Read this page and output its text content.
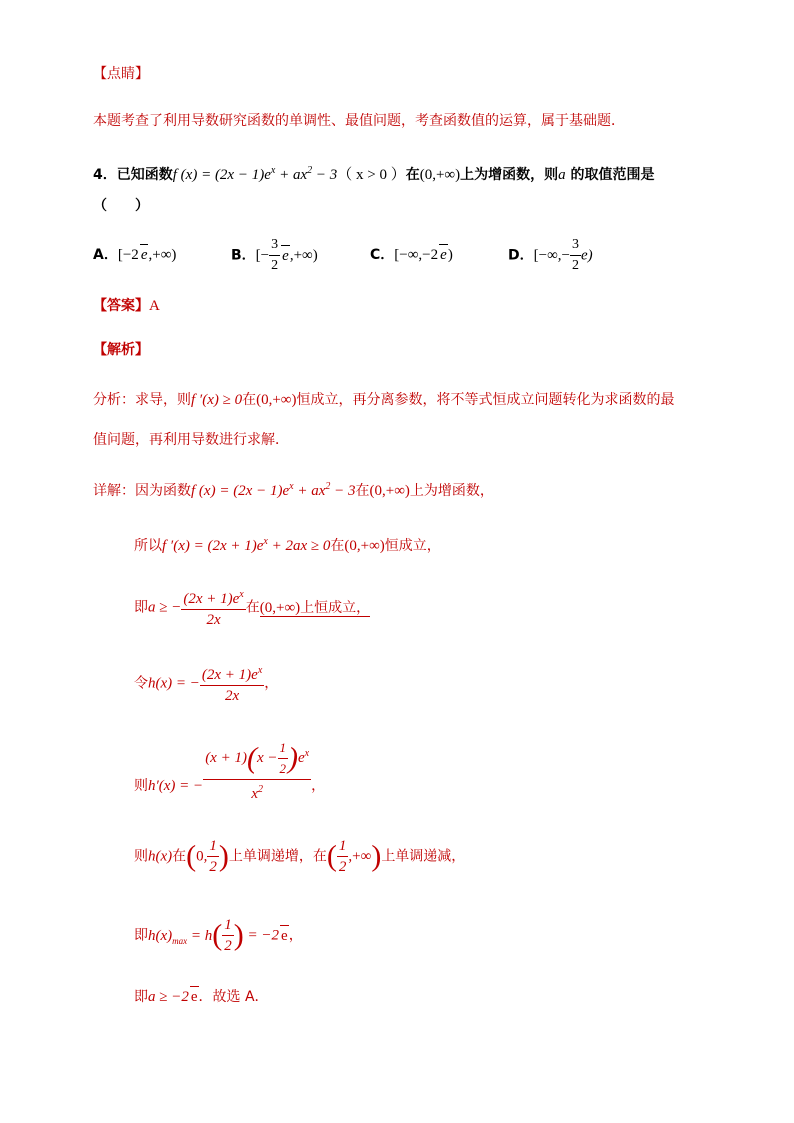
【点睛】
本题考查了利用导数研究函数的单调性、最值问题，考查函数值的运算，属于基础题．
4．已知函数f $(x) = (2x - 1)e^x + ax^2 - 3$（ x > 0 ）在(0,+∞)上为增函数，则a 的取值范围是
（　　）
A．[−2 e,+∞)	B．[− $\frac{3}{2} e,+\infty$)	C．[−∞,−2 e)	D．[−∞,− $\frac{3}{2} e$)
【答案】A
【解析】
分析：求导，则f ′(x) ≥ 0在(0,+∞)恒成立，再分离参数，将不等式恒成立问题转化为求函数的最
值问题，再利用导数进行求解．
详解：因为函数f $(x) = (2x - 1)e^x + ax^2 - 3$在(0,+∞)上为增函数，
所以f $'(x) = (2x + 1)e^x + 2ax \ge 0$在(0,+∞)恒成立，
即a ≥ − $\frac{(2x + 1)e^x}{2x}$ 在(0,+∞)上恒成立，
令h(x) = − $\frac{(2x + 1)e^x}{2x}$ ，
则h′(x) = − $\frac{(x + 1)(x - \frac{1}{2} )e^x}{x^2}$ ，
则h(x)在(0, $\frac{1}{2}$ )上单调递增，在( $\frac{1}{2}$ ,+∞)上单调递减，
即$h(x)_{max} = h( \frac{1}{2}$ ) = −2 e，
即a ≥ −2 e．故选 A．
